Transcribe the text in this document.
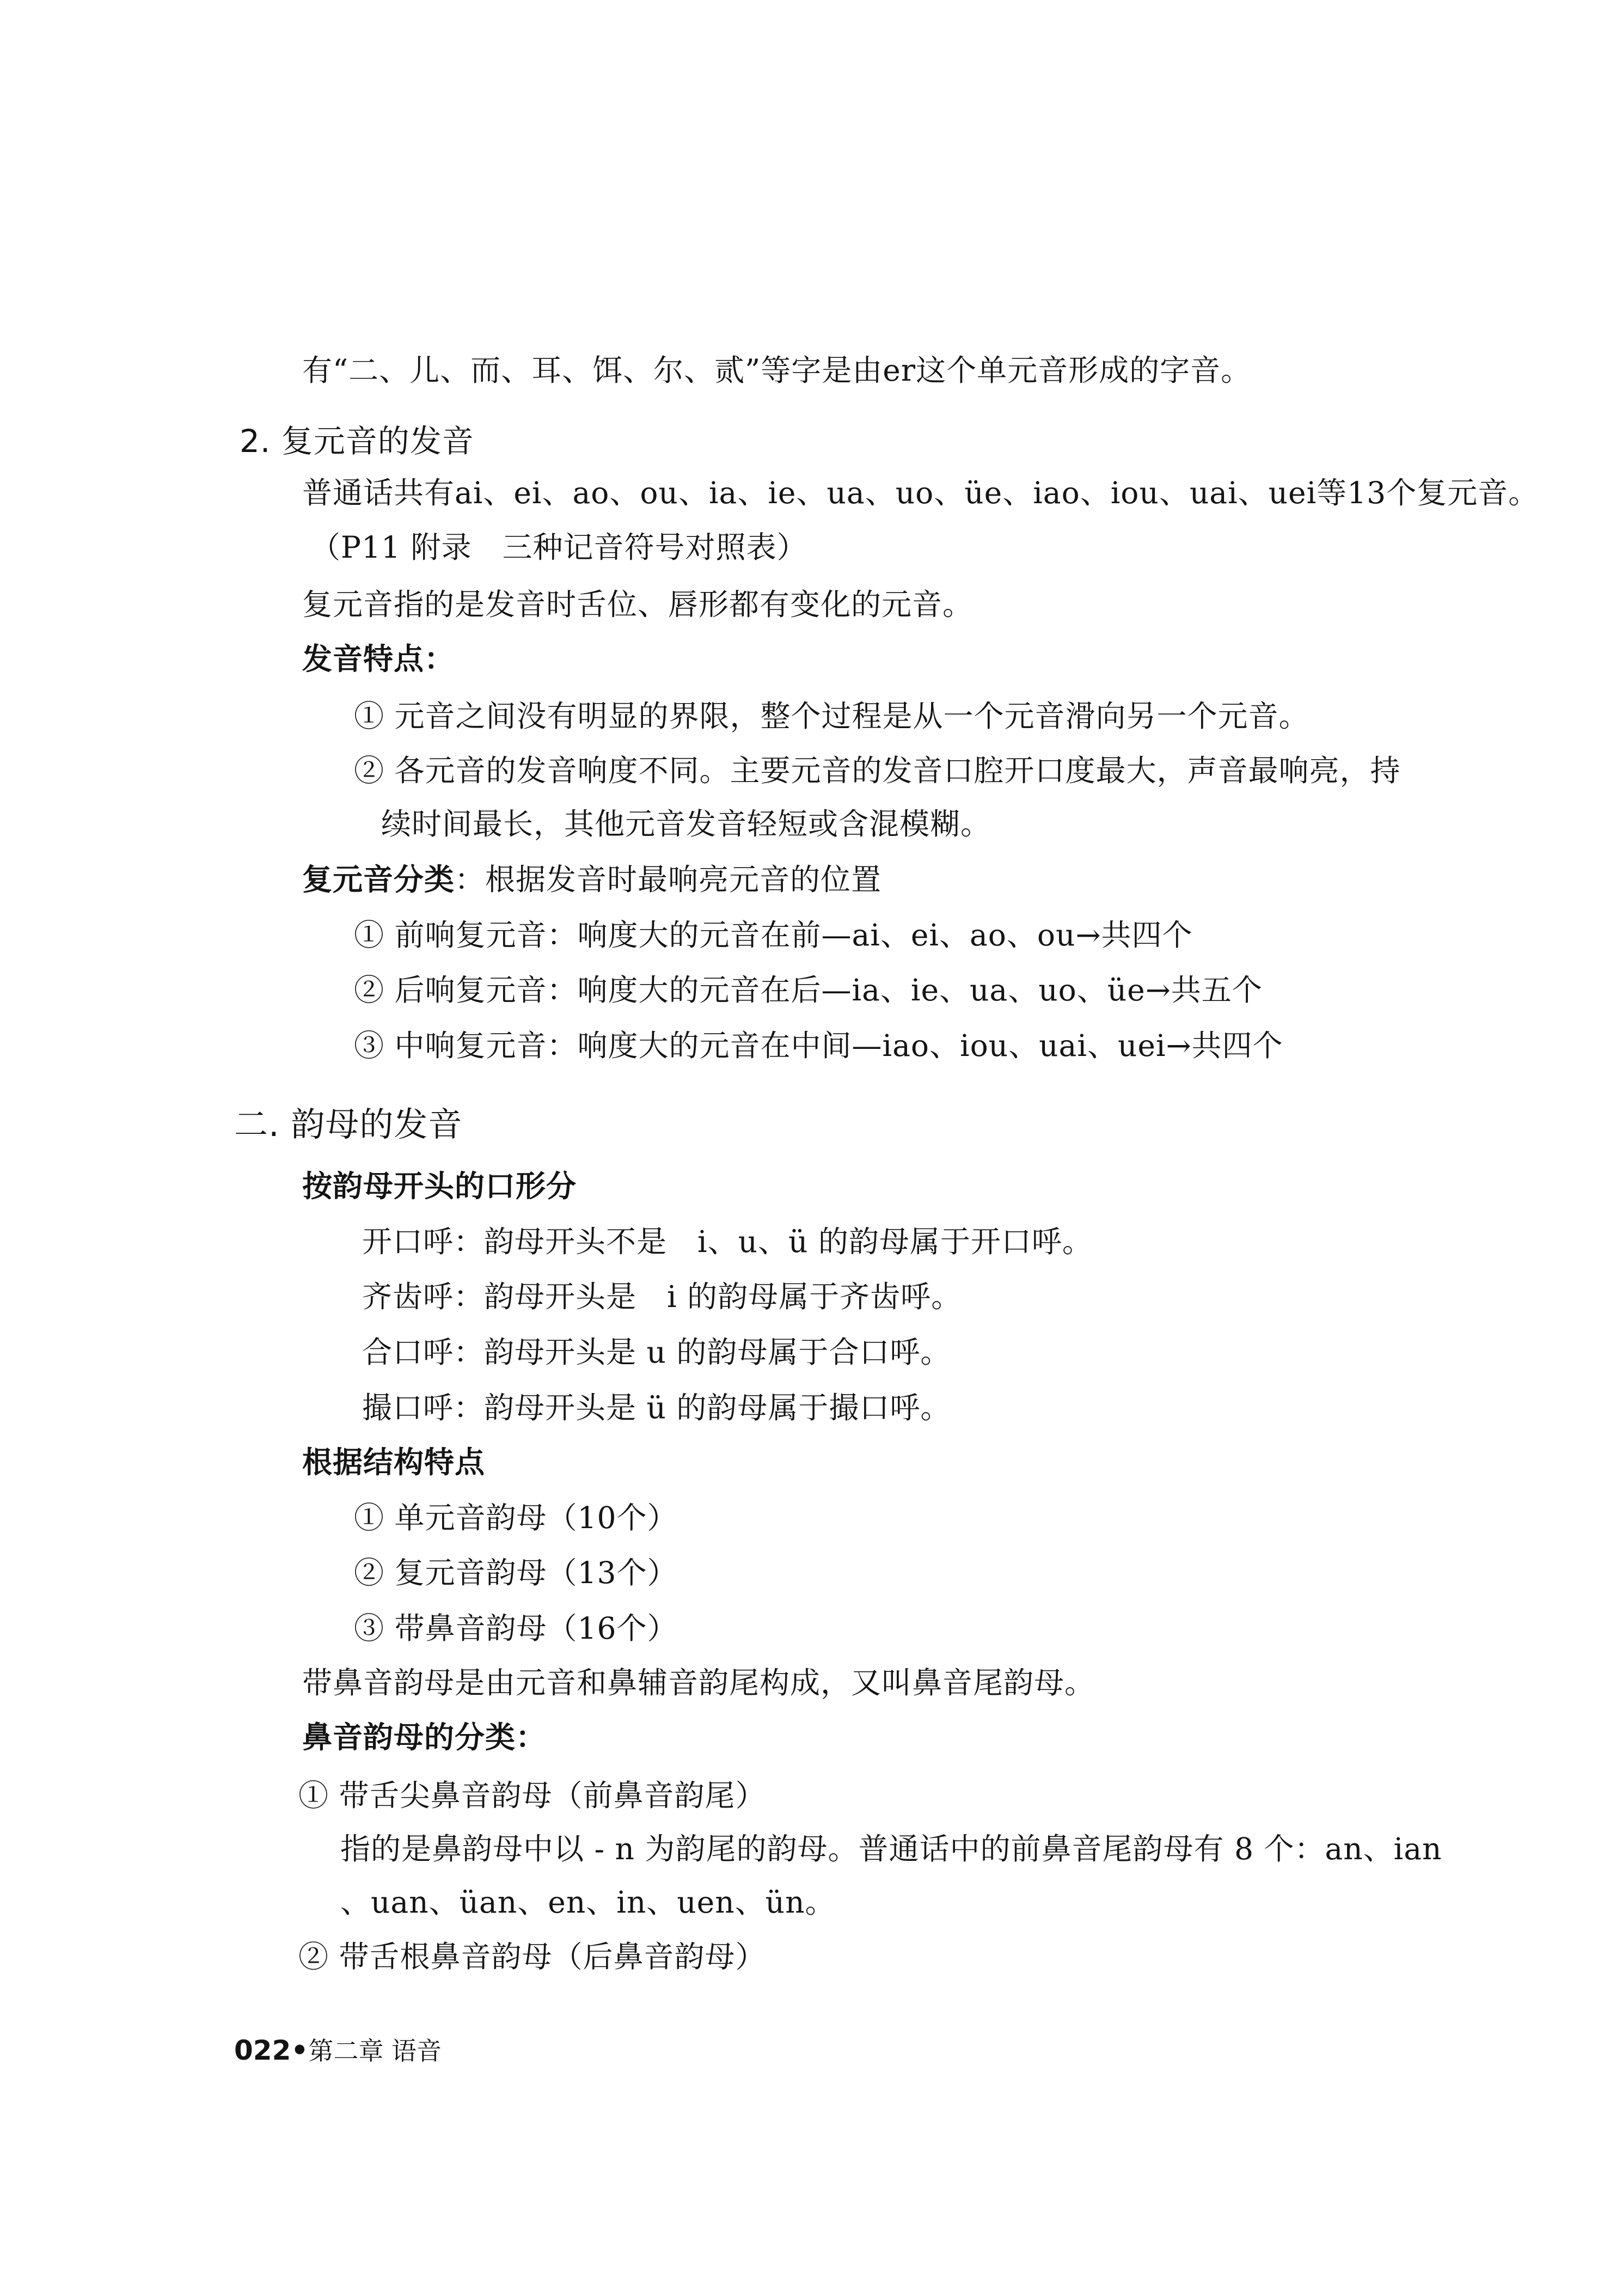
有“二、儿、而、耳、饵、尔、贰”等字是由er这个单元音形成的字音。
2. 复元音的发音
普通话共有ai、ei、ao、ou、ia、ie、ua、uo、üe、iao、iou、uai、uei等13个复元音。
（P11 附录　三种记音符号对照表）
复元音指的是发音时舌位、唇形都有变化的元音。
发音特点：
① 元音之间没有明显的界限，整个过程是从一个元音滑向另一个元音。
② 各元音的发音响度不同。主要元音的发音口腔开口度最大，声音最响亮，持
续时间最长，其他元音发音轻短或含混模糊。
复元音分类：根据发音时最响亮元音的位置
① 前响复元音：响度大的元音在前—ai、ei、ao、ou→共四个
② 后响复元音：响度大的元音在后—ia、ie、ua、uo、üe→共五个
③ 中响复元音：响度大的元音在中间—iao、iou、uai、uei→共四个
二. 韵母的发音
按韵母开头的口形分
开口呼：韵母开头不是　i、u、ü 的韵母属于开口呼。
齐齿呼：韵母开头是　i 的韵母属于齐齿呼。
合口呼：韵母开头是 u 的韵母属于合口呼。
撮口呼：韵母开头是 ü 的韵母属于撮口呼。
根据结构特点
① 单元音韵母（10个）
② 复元音韵母（13个）
③ 带鼻音韵母（16个）
带鼻音韵母是由元音和鼻辅音韵尾构成，又叫鼻音尾韵母。
鼻音韵母的分类：
① 带舌尖鼻音韵母（前鼻音韵尾）
指的是鼻韵母中以 - n 为韵尾的韵母。普通话中的前鼻音尾韵母有 8 个：an、ian
、uan、üan、en、in、uen、ün。
② 带舌根鼻音韵母（后鼻音韵母）
022•第二章 语音
